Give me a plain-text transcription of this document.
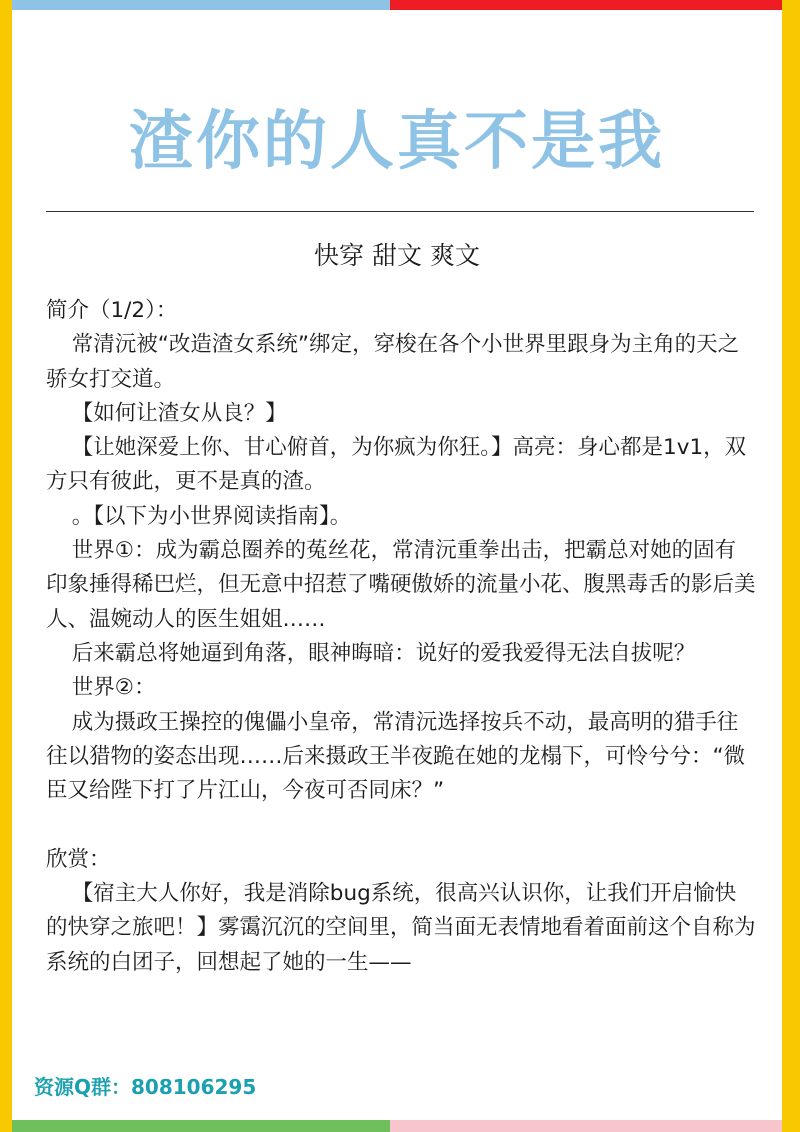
渣你的人真不是我
快穿 甜文 爽文

简介（1/2）：

常清沅被“改造渣女系统”绑定，穿梭在各个小世界里跟身为主角的天之骄女打交道。

【如何让渣女从良？】

【让她深爱上你、甘心俯首，为你疯为你狂。】高亮：身心都是1v1，双方只有彼此，更不是真的渣。

。【以下为小世界阅读指南】。

世界①：成为霸总圈养的菟丝花，常清沅重拳出击，把霸总对她的固有印象捶得稀巴烂，但无意中招惹了嘴硬傲娇的流量小花、腹黑毒舌的影后美人、温婉动人的医生姐姐……

后来霸总将她逼到角落，眼神晦暗：说好的爱我爱得无法自拔呢？

世界②：

成为摄政王操控的傀儡小皇帝，常清沅选择按兵不动，最高明的猎手往往以猎物的姿态出现……后来摄政王半夜跪在她的龙榻下，可怜兮兮：“微臣又给陛下打了片江山，今夜可否同床？”

欣赏：

【宿主大人你好，我是消除bug系统，很高兴认识你，让我们开启愉快的快穿之旅吧！】雾霭沉沉的空间里，简当面无表情地看着面前这个自称为系统的白团子，回想起了她的一生——

资源Q群：808106295
